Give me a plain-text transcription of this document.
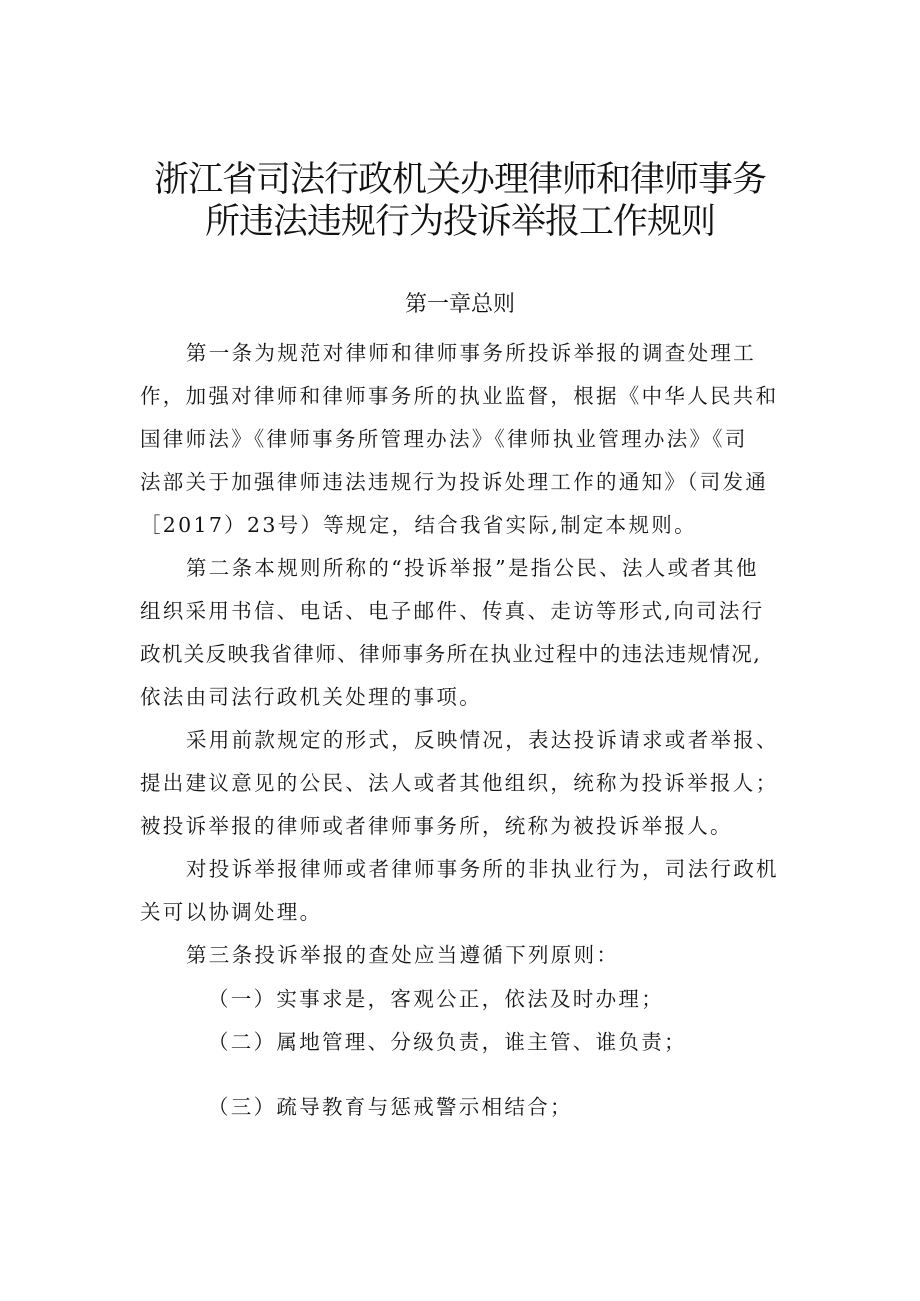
浙江省司法行政机关办理律师和律师事务
所违法违规行为投诉举报工作规则
第一章总则
第一条为规范对律师和律师事务所投诉举报的调查处理工
作，加强对律师和律师事务所的执业监督，根据《中华人民共和
国律师法》《律师事务所管理办法》《律师执业管理办法》《司
法部关于加强律师违法违规行为投诉处理工作的通知》（司发通
［2017）23号）等规定，结合我省实际,制定本规则。
第二条本规则所称的“投诉举报”是指公民、法人或者其他
组织采用书信、电话、电子邮件、传真、走访等形式,向司法行
政机关反映我省律师、律师事务所在执业过程中的违法违规情况,
依法由司法行政机关处理的事项。
采用前款规定的形式，反映情况，表达投诉请求或者举报、
提出建议意见的公民、法人或者其他组织，统称为投诉举报人；
被投诉举报的律师或者律师事务所，统称为被投诉举报人。
对投诉举报律师或者律师事务所的非执业行为，司法行政机
关可以协调处理。
第三条投诉举报的查处应当遵循下列原则：
（一）实事求是，客观公正，依法及时办理；
（二）属地管理、分级负责，谁主管、谁负责；
（三）疏导教育与惩戒警示相结合；
